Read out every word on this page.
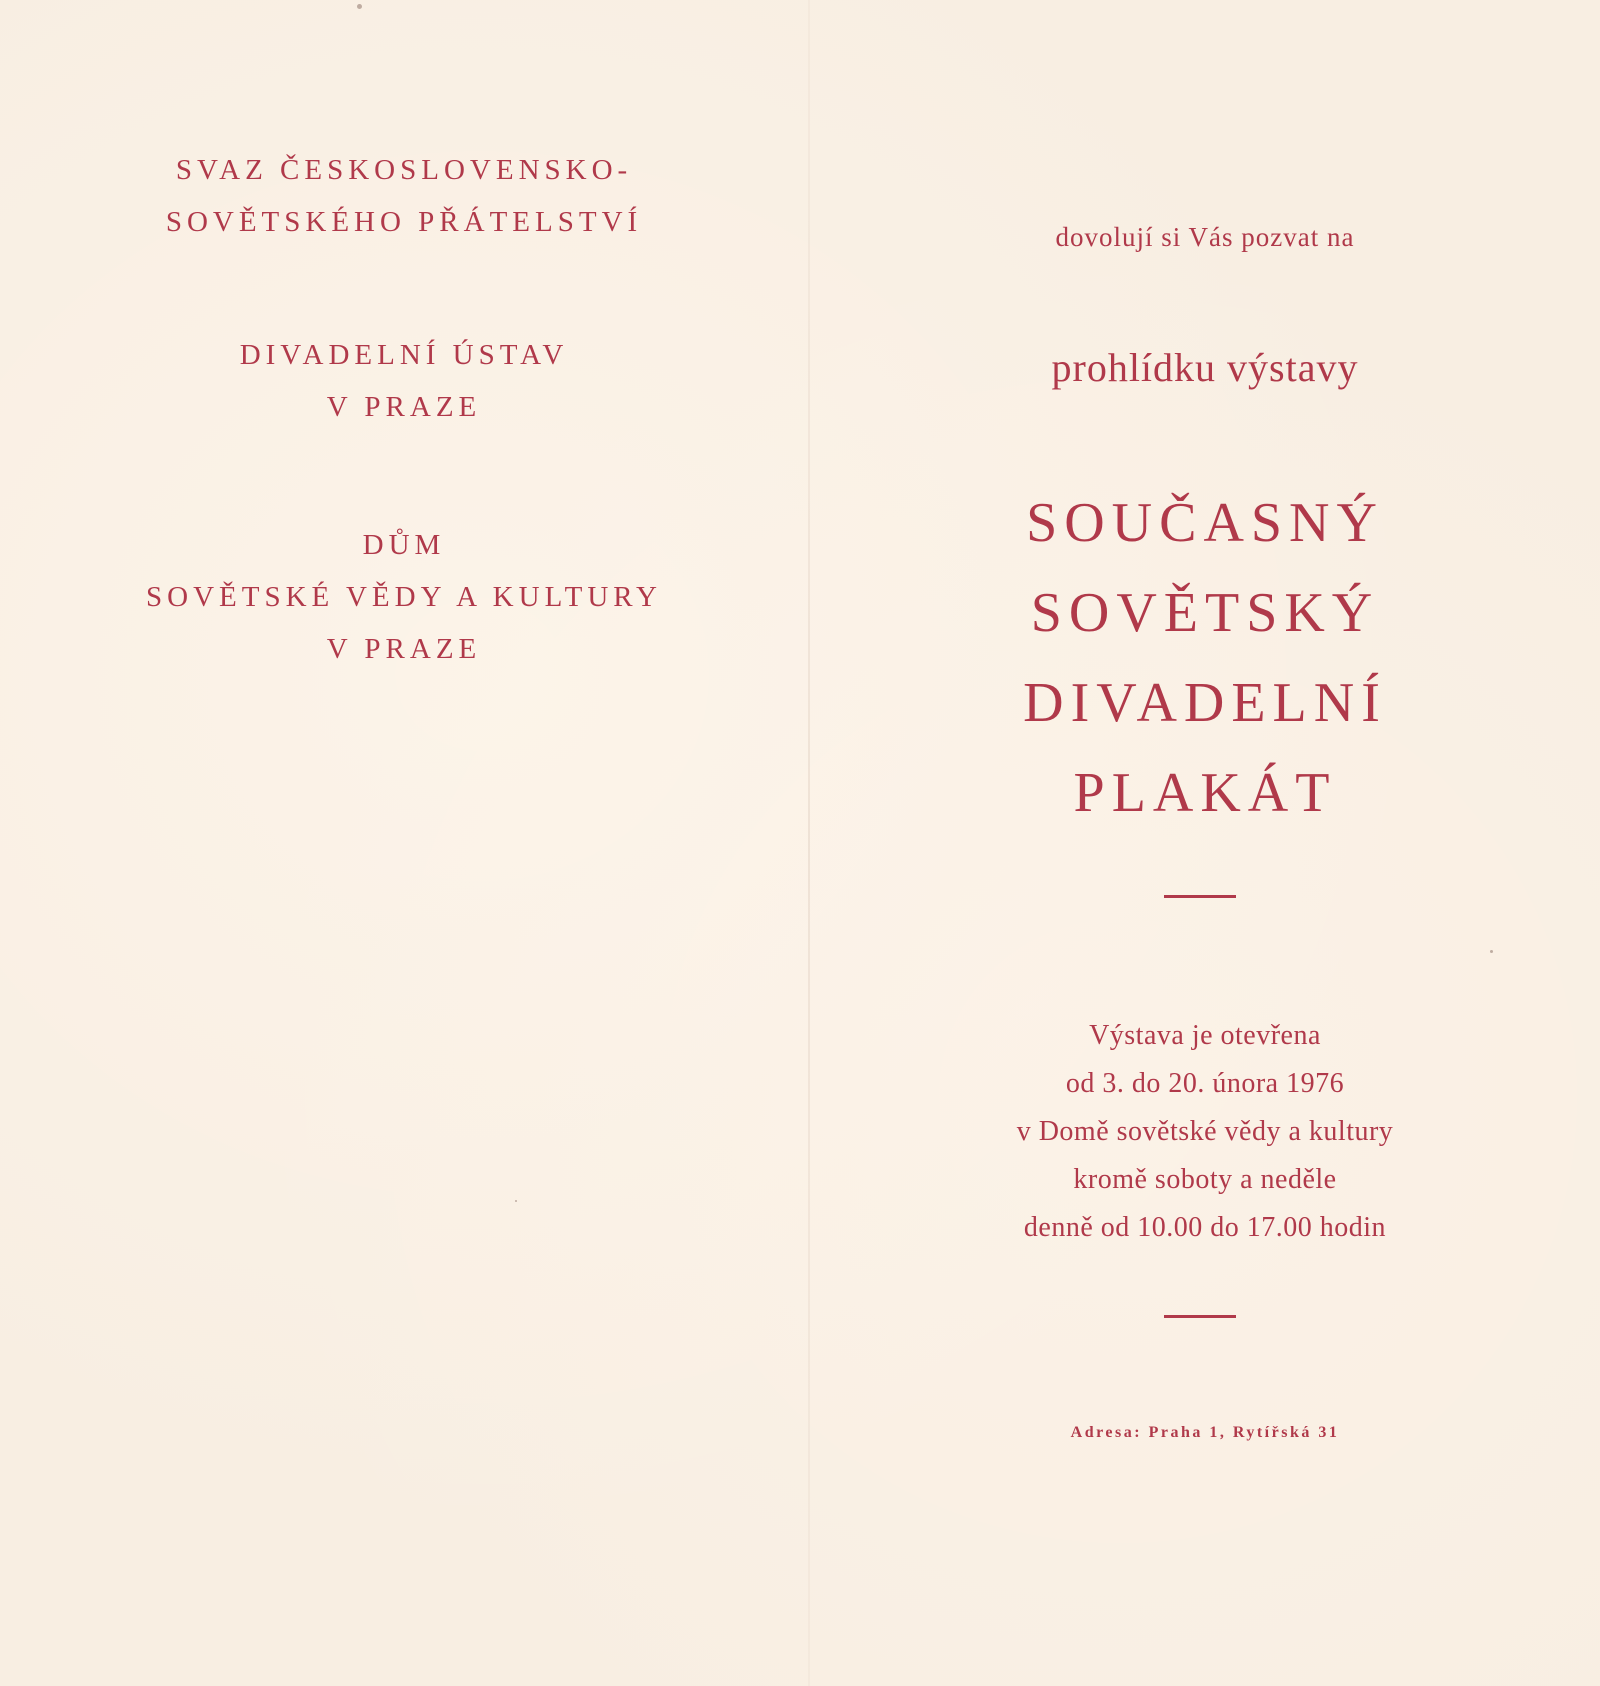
SVAZ ČESKOSLOVENSKO-
SOVĚTSKÉHO PŘÁTELSTVÍ
DIVADELNÍ ÚSTAV
V PRAZE
DŮM
SOVĚTSKÉ VĚDY A KULTURY
V PRAZE
dovolují si Vás pozvat na
prohlídku výstavy
SOUČASNÝ
SOVĚTSKÝ
DIVADELNÍ
PLAKÁT
Výstava je otevřena
od 3. do 20. února 1976
v Domě sovětské vědy a kultury
kromě soboty a neděle
denně od 10.00 do 17.00 hodin
Adresa: Praha 1, Rytířská 31
